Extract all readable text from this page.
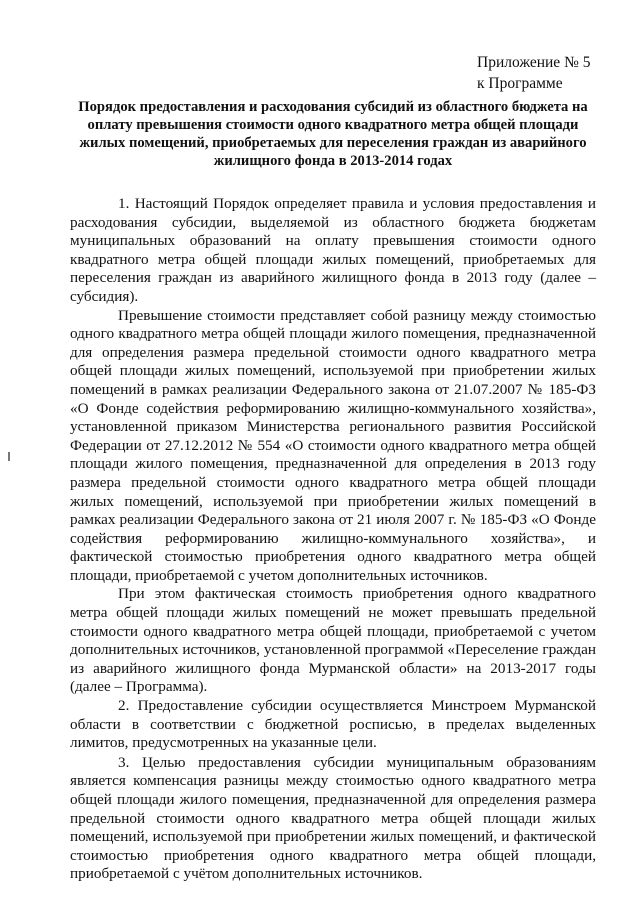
Приложение № 5
к Программе
Порядок предоставления и расходования субсидий из областного бюджета на оплату превышения стоимости одного квадратного метра общей площади жилых помещений, приобретаемых для переселения граждан из аварийного жилищного фонда в 2013-2014 годах

1. Настоящий Порядок определяет правила и условия предоставления и расходования субсидии, выделяемой из областного бюджета бюджетам муниципальных образований на оплату превышения стоимости одного квадратного метра общей площади жилых помещений, приобретаемых для переселения граждан из аварийного жилищного фонда в 2013 году (далее – субсидия).

Превышение стоимости представляет собой разницу между стоимостью одного квадратного метра общей площади жилого помещения, предназначенной для определения размера предельной стоимости одного квадратного метра общей площади жилых помещений, используемой при приобретении жилых помещений в рамках реализации Федерального закона от 21.07.2007 № 185-ФЗ «О Фонде содействия реформированию жилищно-коммунального хозяйства», установленной приказом Министерства регионального развития Российской Федерации от 27.12.2012 № 554 «О стоимости одного квадратного метра общей площади жилого помещения, предназначенной для определения в 2013 году размера предельной стоимости одного квадратного метра общей площади жилых помещений, используемой при приобретении жилых помещений в рамках реализации Федерального закона от 21 июля 2007 г. № 185-ФЗ «О Фонде содействия реформированию жилищно-коммунального хозяйства», и фактической стоимостью приобретения одного квадратного метра общей площади, приобретаемой с учетом дополнительных источников.

При этом фактическая стоимость приобретения одного квадратного метра общей площади жилых помещений не может превышать предельной стоимости одного квадратного метра общей площади, приобретаемой с учетом дополнительных источников, установленной программой «Переселение граждан из аварийного жилищного фонда Мурманской области» на 2013-2017 годы (далее – Программа).

2. Предоставление субсидии осуществляется Минстроем Мурманской области в соответствии с бюджетной росписью, в пределах выделенных лимитов, предусмотренных на указанные цели.

3. Целью предоставления субсидии муниципальным образованиям является компенсация разницы между стоимостью одного квадратного метра общей площади жилого помещения, предназначенной для определения размера предельной стоимости одного квадратного метра общей площади жилых помещений, используемой при приобретении жилых помещений, и фактической стоимостью приобретения одного квадратного метра общей площади, приобретаемой с учётом дополнительных источников.
